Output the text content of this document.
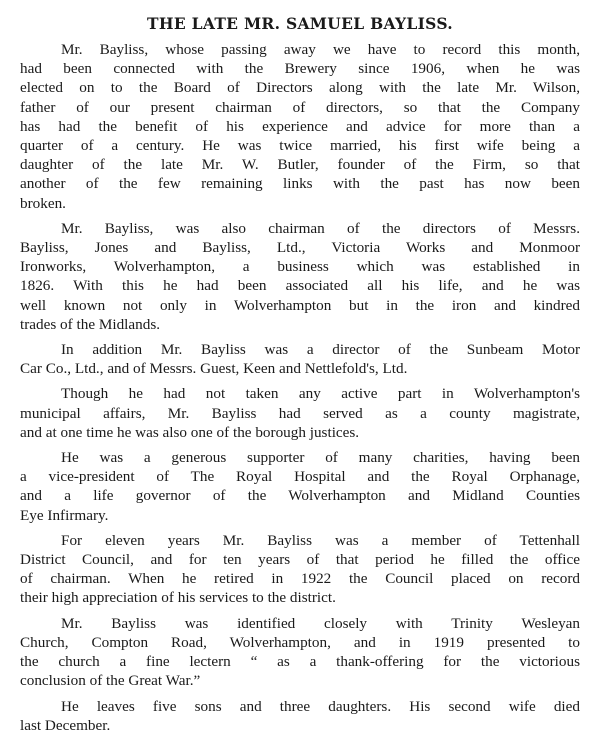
THE LATE MR. SAMUEL BAYLISS.
Mr. Bayliss, whose passing away we have to record this month,
had been connected with the Brewery since 1906, when he was
elected on to the Board of Directors along with the late Mr. Wilson,
father of our present chairman of directors, so that the Company
has had the benefit of his experience and advice for more than a
quarter of a century. He was twice married, his first wife being a
daughter of the late Mr. W. Butler, founder of the Firm, so that
another of the few remaining links with the past has now been
broken.
Mr. Bayliss, was also chairman of the directors of Messrs.
Bayliss, Jones and Bayliss, Ltd., Victoria Works and Monmoor
Ironworks, Wolverhampton, a business which was established in
1826. With this he had been associated all his life, and he was
well known not only in Wolverhampton but in the iron and kindred
trades of the Midlands.
In addition Mr. Bayliss was a director of the Sunbeam Motor
Car Co., Ltd., and of Messrs. Guest, Keen and Nettlefold's, Ltd.
Though he had not taken any active part in Wolverhampton's
municipal affairs, Mr. Bayliss had served as a county magistrate,
and at one time he was also one of the borough justices.
He was a generous supporter of many charities, having been
a vice-president of The Royal Hospital and the Royal Orphanage,
and a life governor of the Wolverhampton and Midland Counties
Eye Infirmary.
For eleven years Mr. Bayliss was a member of Tettenhall
District Council, and for ten years of that period he filled the office
of chairman. When he retired in 1922 the Council placed on record
their high appreciation of his services to the district.
Mr. Bayliss was identified closely with Trinity Wesleyan
Church, Compton Road, Wolverhampton, and in 1919 presented to
the church a fine lectern “ as a thank-offering for the victorious
conclusion of the Great War.”
He leaves five sons and three daughters. His second wife died
last December.
